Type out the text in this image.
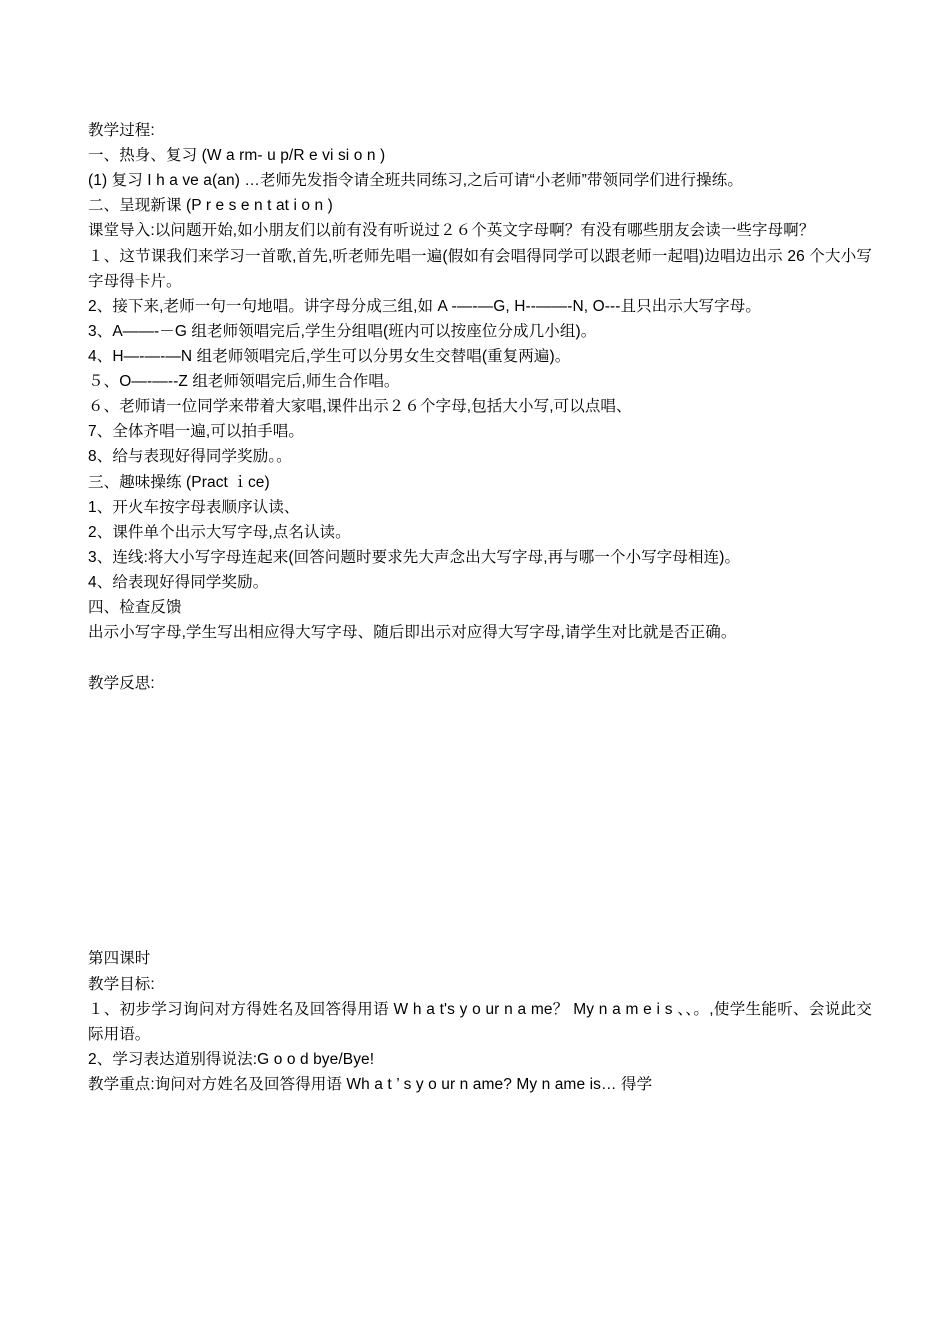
教学过程:

一、热身、复习 (W a rm- u p/R e vi si o n )

(1) 复习 I h a ve a(an) …老师先发指令请全班共同练习,之后可请“小老师”带领同学们进行操练。

二、呈现新课 (P r e s e n t at i o n )

课堂导入:以问题开始,如小朋友们以前有没有听说过２６个英文字母啊？有没有哪些朋友会读一些字母啊？

１、这节课我们来学习一首歌,首先,听老师先唱一遍(假如有会唱得同学可以跟老师一起唱)边唱边出示 26 个大小写字母得卡片。

2、接下来,老师一句一句地唱。讲字母分成三组,如 A -—-—G, H--——-N, O---且只出示大写字母。

3、A——-－G 组老师领唱完后,学生分组唱(班内可以按座位分成几小组)。

4、H—-—-—N 组老师领唱完后,学生可以分男女生交替唱(重复两遍)。

５、O—-—--Z 组老师领唱完后,师生合作唱。

６、老师请一位同学来带着大家唱,课件出示２６个字母,包括大小写,可以点唱、

7、全体齐唱一遍,可以拍手唱。

8、给与表现好得同学奖励。。

三、趣味操练 (Pract ｉce)

1、开火车按字母表顺序认读、

2、课件单个出示大写字母,点名认读。

3、连线:将大小写字母连起来(回答问题时要求先大声念出大写字母,再与哪一个小写字母相连)。

4、给表现好得同学奖励。

四、检查反馈

出示小写字母,学生写出相应得大写字母、随后即出示对应得大写字母,请学生对比就是否正确。

教学反思:

第四课时

教学目标:

１、初步学习询问对方得姓名及回答得用语 W h a t's y o ur n a me？ My n a m e i s 、、。,使学生能听、会说此交际用语。

2、学习表达道别得说法:G o o d bye/Bye!

教学重点:询问对方姓名及回答得用语 Wh a t ’ s y o ur n ame? My n ame is… 得学
